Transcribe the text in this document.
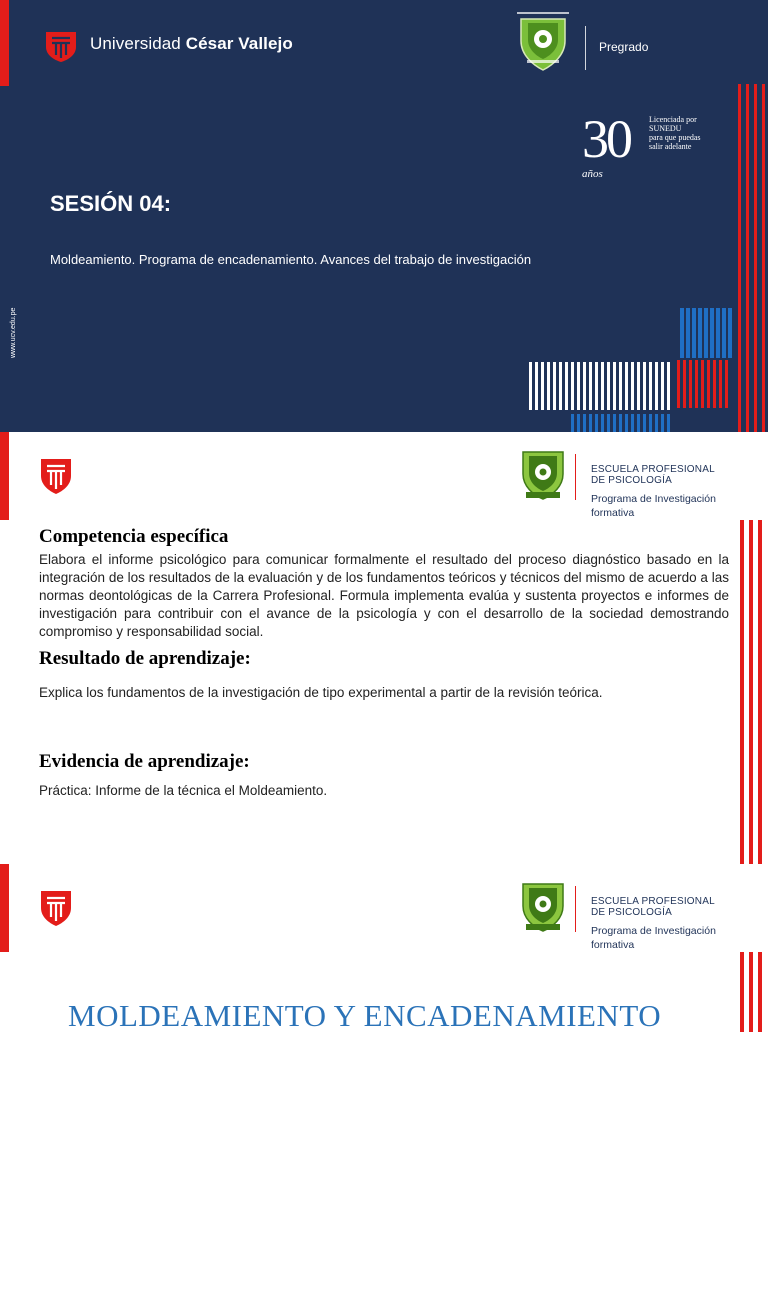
Universidad César Vallejo	Pregrado
30
años
Licenciada por
SUNEDU
para que puedas
salir adelante
SESIÓN 04:
Moldeamiento. Programa de encadenamiento. Avances del trabajo de investigación
www.ucv.edu.pe
ESCUELA PROFESIONAL
DE PSICOLOGÍA
Programa de Investigación
formativa
Competencia específica
Elabora el informe psicológico para comunicar formalmente el resultado del proceso diagnóstico basado en la integración de los resultados de la evaluación y de los fundamentos teóricos y técnicos del mismo de acuerdo a las normas deontológicas de la Carrera Profesional. Formula implementa evalúa y sustenta proyectos e informes de investigación para contribuir con el avance de la psicología y con el desarrollo de la sociedad demostrando compromiso y responsabilidad social.
Resultado de aprendizaje:
Explica los fundamentos de la investigación de tipo experimental a partir de la revisión teórica.
Evidencia de aprendizaje:
Práctica: Informe de la técnica el Moldeamiento.
ESCUELA PROFESIONAL
DE PSICOLOGÍA
Programa de Investigación
formativa
MOLDEAMIENTO Y ENCADENAMIENTO
